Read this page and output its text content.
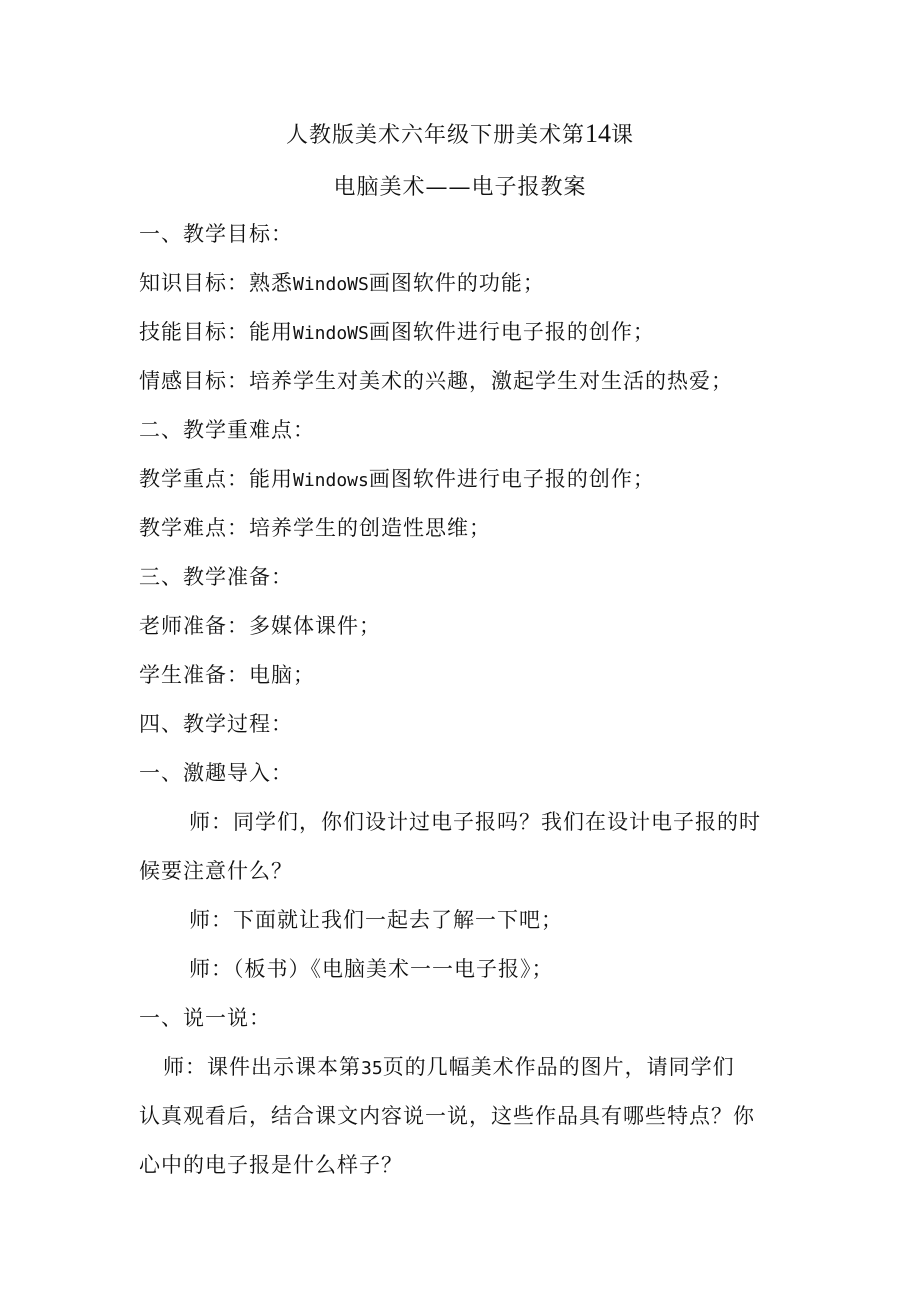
人教版美术六年级下册美术第14课
电脑美术——电子报教案
一、教学目标：
知识目标：熟悉WindoWS画图软件的功能；
技能目标：能用WindoWS画图软件进行电子报的创作；
情感目标：培养学生对美术的兴趣，激起学生对生活的热爱；
二、教学重难点：
教学重点：能用Windows画图软件进行电子报的创作；
教学难点：培养学生的创造性思维；
三、教学准备：
老师准备：多媒体课件；
学生准备：电脑；
四、教学过程：
一、激趣导入：
师：同学们，你们设计过电子报吗？我们在设计电子报的时
候要注意什么？
师：下面就让我们一起去了解一下吧；
师：（板书）《电脑美术一一电子报》；
一、说一说：
师：课件出示课本第35页的几幅美术作品的图片，请同学们
认真观看后，结合课文内容说一说，这些作品具有哪些特点？你
心中的电子报是什么样子？
